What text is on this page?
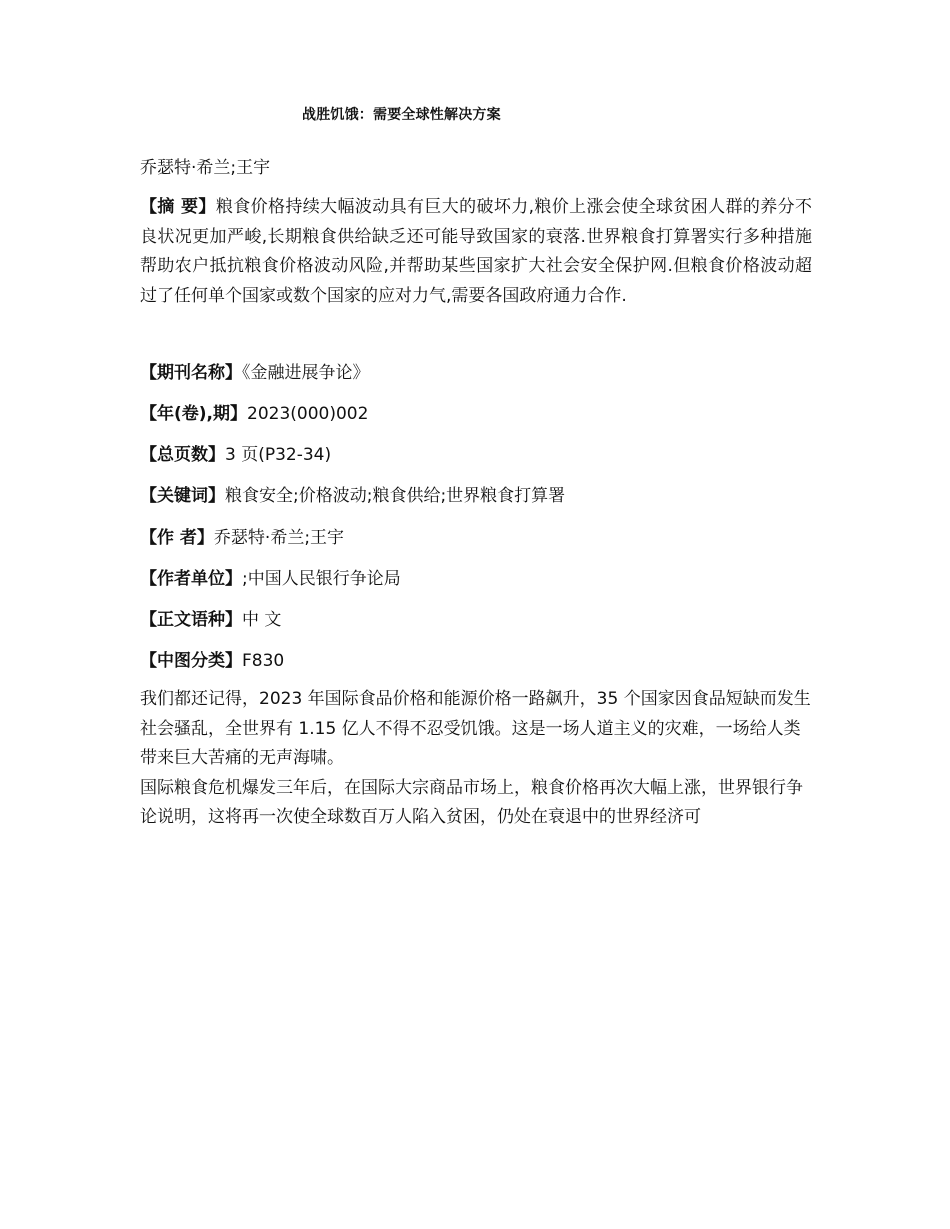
战胜饥饿：需要全球性解决方案
乔瑟特·希兰;王宇
【摘 要】粮食价格持续大幅波动具有巨大的破坏力,粮价上涨会使全球贫困人群的养分不良状况更加严峻,长期粮食供给缺乏还可能导致国家的衰落.世界粮食打算署实行多种措施帮助农户抵抗粮食价格波动风险,并帮助某些国家扩大社会安全保护网.但粮食价格波动超过了任何单个国家或数个国家的应对力气,需要各国政府通力合作.
【期刊名称】《金融进展争论》
【年(卷),期】2023(000)002
【总页数】3 页(P32-34)
【关键词】粮食安全;价格波动;粮食供给;世界粮食打算署
【作 者】乔瑟特·希兰;王宇
【作者单位】;中国人民银行争论局
【正文语种】中 文
【中图分类】F830

我们都还记得，2023 年国际食品价格和能源价格一路飙升，35 个国家因食品短缺而发生社会骚乱，全世界有 1.15 亿人不得不忍受饥饿。这是一场人道主义的灾难，一场给人类带来巨大苦痛的无声海啸。

国际粮食危机爆发三年后，在国际大宗商品市场上，粮食价格再次大幅上涨，世界银行争论说明，这将再一次使全球数百万人陷入贫困，仍处在衰退中的世界经济可
